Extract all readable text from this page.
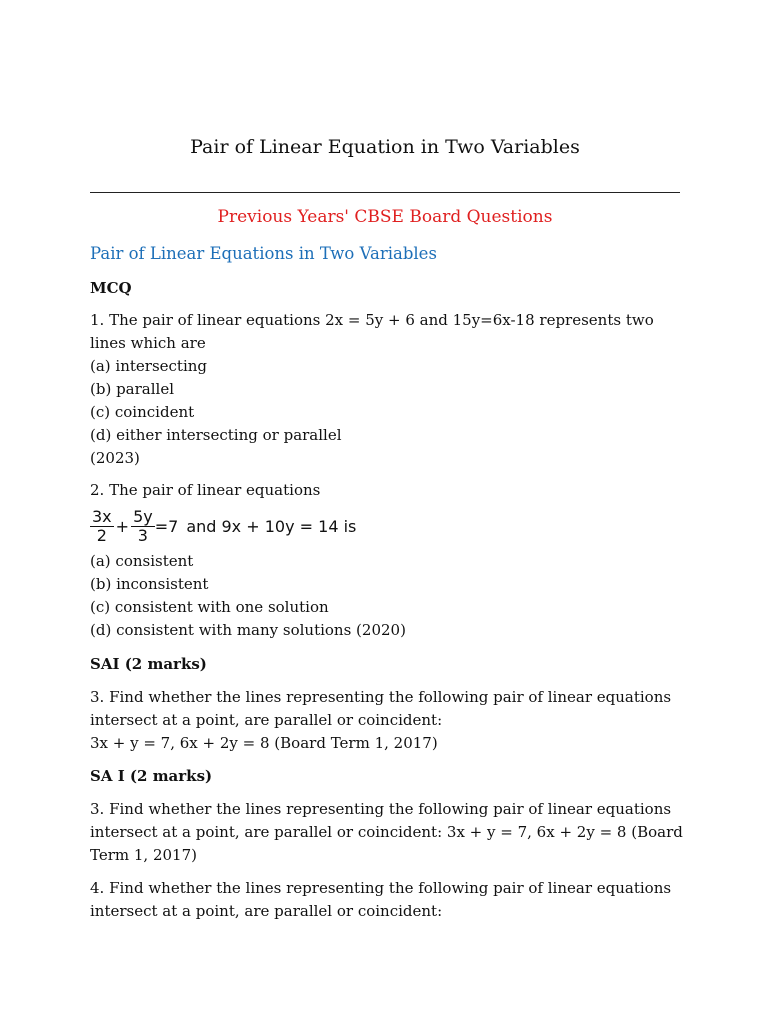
Pair of Linear Equation in Two Variables
Previous Years' CBSE Board Questions
Pair of Linear Equations in Two Variables
MCQ
1. The pair of linear equations 2x = 5y + 6 and 15y=6x-18 represents two
lines which are
(a) intersecting
(b) parallel
(c) coincident
(d) either intersecting or parallel
(2023)
2. The pair of linear equations
$\frac{3x}{2} + \frac{5y}{3} =7$ and 9x + 10y = 14 is
(a) consistent
(b) inconsistent
(c) consistent with one solution
(d) consistent with many solutions (2020)
SAI (2 marks)
3. Find whether the lines representing the following pair of linear equations
intersect at a point, are parallel or coincident:
3x + y = 7, 6x + 2y = 8 (Board Term 1, 2017)
SA I (2 marks)
3. Find whether the lines representing the following pair of linear equations
intersect at a point, are parallel or coincident: 3x + y = 7, 6x + 2y = 8 (Board
Term 1, 2017)
4. Find whether the lines representing the following pair of linear equations
intersect at a point, are parallel or coincident:
